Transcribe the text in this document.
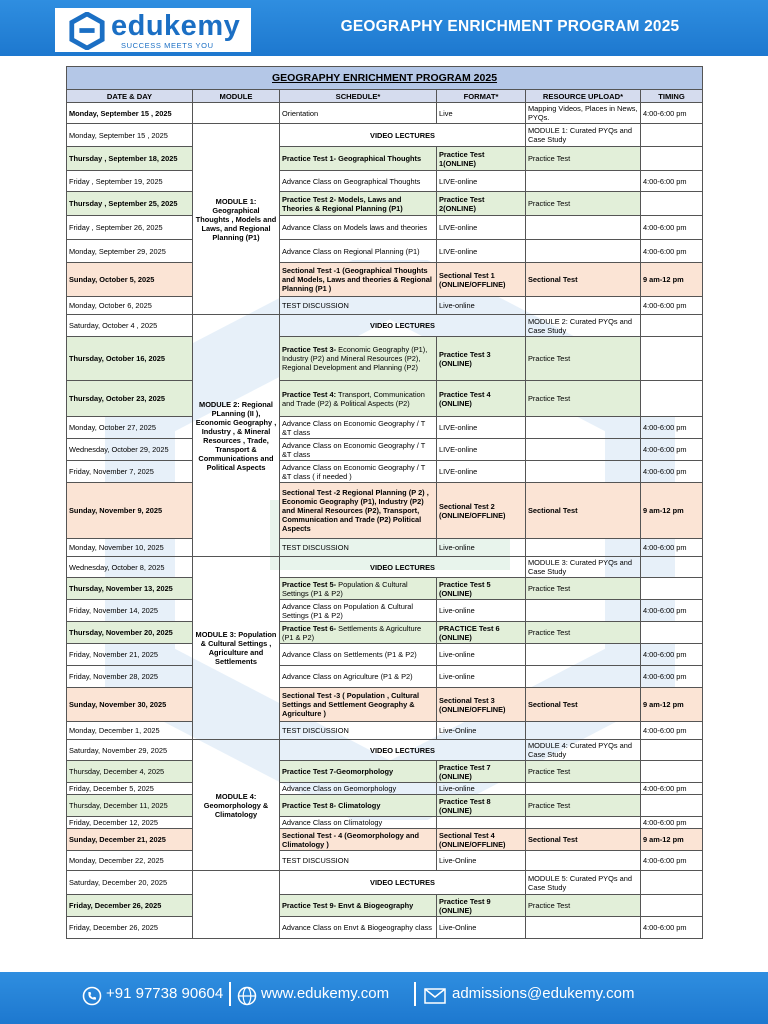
edukemy
SUCCESS MEETS YOU
GEOGRAPHY ENRICHMENT PROGRAM 2025
GEOGRAPHY ENRICHMENT PROGRAM 2025					
DATE & DAY	MODULE	SCHEDULE*	FORMAT*	RESOURCE UPLOAD*	TIMING
Monday, September 15 , 2025		Orientation	Live	Mapping Videos, Places in News, PYQs.	4:00-6:00 pm
Monday, September 15 , 2025	MODULE 1: Geographical Thoughts , Models and Laws, and Regional Planning (P1)	VIDEO LECTURES		MODULE 1: Curated PYQs and Case Study	
Thursday , September 18, 2025		Practice Test 1- Geographical Thoughts	Practice Test 1(ONLINE)	Practice Test	
Friday , September 19, 2025		Advance Class on Geographical Thoughts	LIVE-online		4:00-6:00 pm
Thursday , September 25, 2025		Practice Test 2- Models, Laws and Theories & Regional Planning (P1)	Practice Test 2(ONLINE)	Practice Test	
Friday , September 26, 2025		Advance Class on Models laws and theories	LIVE-online		4:00-6:00 pm
Monday, September 29, 2025		Advance Class on Regional Planning (P1)	LIVE-online		4:00-6:00 pm
Sunday, October 5, 2025		Sectional Test -1 (Geographical Thoughts and Models, Laws and theories & Regional Planning (P1 )	Sectional Test 1 (ONLINE/OFFLINE)	Sectional Test	9 am-12 pm
Monday, October 6, 2025		TEST DISCUSSION	Live-online		4:00-6:00 pm
Saturday, October 4 , 2025	MODULE 2: Regional PLanning (II ), Economic Geography , Industry , & Mineral Resources , Trade, Transport & Communications and Political Aspects	VIDEO LECTURES		MODULE 2: Curated PYQs and Case Study	
Thursday, October 16, 2025		Practice Test 3- Economic Geography (P1), Industry (P2) and Mineral Resources (P2), Regional Development and Planning (P2)	Practice Test 3 (ONLINE)	Practice Test	
Thursday, October 23, 2025		Practice Test 4: Transport, Communication and Trade (P2) & Political Aspects (P2)	Practice Test 4 (ONLINE)	Practice Test	
Monday, October 27, 2025		Advance Class on Economic Geography / T &T class	LIVE-online		4:00-6:00 pm
Wednesday, October 29, 2025		Advance Class on Economic Geography / T &T class	LIVE-online		4:00-6:00 pm
Friday, November 7, 2025		Advance Class on Economic Geography / T &T class ( if needed )	LIVE-online		4:00-6:00 pm
Sunday, November 9, 2025		Sectional Test -2 Regional Planning (P 2) , Economic Geography (P1), Industry (P2) and Mineral Resources (P2), Transport, Communication and Trade (P2) Political Aspects	Sectional Test 2 (ONLINE/OFFLINE)	Sectional Test	9 am-12 pm
Monday, November 10, 2025		TEST DISCUSSION	Live-online		4:00-6:00 pm
Wednesday, October 8, 2025	MODULE 3: Population & Cultural Settings , Agriculture and Settlements	VIDEO LECTURES		MODULE 3: Curated PYQs and Case Study	
Thursday, November 13, 2025		Practice Test 5- Population & Cultural Settings (P1 & P2)	Practice Test 5 (ONLINE)	Practice Test	
Friday, November 14, 2025		Advance Class on Population & Cultural Settings (P1 & P2)	Live-online		4:00-6:00 pm
Thursday, November 20, 2025		Practice Test 6- Settlements & Agriculture (P1 & P2)	PRACTICE Test 6 (ONLINE)	Practice Test	
Friday, November 21, 2025		Advance Class on Settlements (P1 & P2)	Live-online		4:00-6:00 pm
Friday, November 28, 2025		Advance Class on Agriculture (P1 & P2)	Live-online		4:00-6:00 pm
Sunday, November 30, 2025		Sectional Test -3 ( Population , Cultural Settings and Settlement Geography & Agriculture )	Sectional Test 3 (ONLINE/OFFLINE)	Sectional Test	9 am-12 pm
Monday, December 1, 2025		TEST DISCUSSION	Live-Online		4:00-6:00 pm
Saturday, November 29, 2025	MODULE 4: Geomorphology & Climatology	VIDEO LECTURES		MODULE 4: Curated PYQs and Case Study	
Thursday, December 4, 2025		Practice Test 7-Geomorphology	Practice Test 7 (ONLINE)	Practice Test	
Friday, December 5, 2025		Advance Class on Geomorphology	Live-online		4:00-6:00 pm
Thursday, December 11, 2025		Practice Test 8- Climatology	Practice Test 8 (ONLINE)	Practice Test	
Friday, December 12, 2025		Advance Class on Climatology			4:00-6:00 pm
Sunday, December 21, 2025		Sectional Test - 4 (Geomorphology and Climatology )	Sectional Test 4 (ONLINE/OFFLINE)	Sectional Test	9 am-12 pm
Monday, December 22, 2025		TEST DISCUSSION	Live-Online		4:00-6:00 pm
Saturday, December 20, 2025		VIDEO LECTURES		MODULE 5: Curated PYQs and Case Study	
Friday, December 26, 2025		Practice Test 9- Envt & Biogeography	Practice Test 9 (ONLINE)	Practice Test	
Friday, December 26, 2025		Advance Class on Envt & Biogeography class	Live-Online		4:00-6:00 pm
+91 97738 90604	www.edukemy.com	admissions@edukemy.com
